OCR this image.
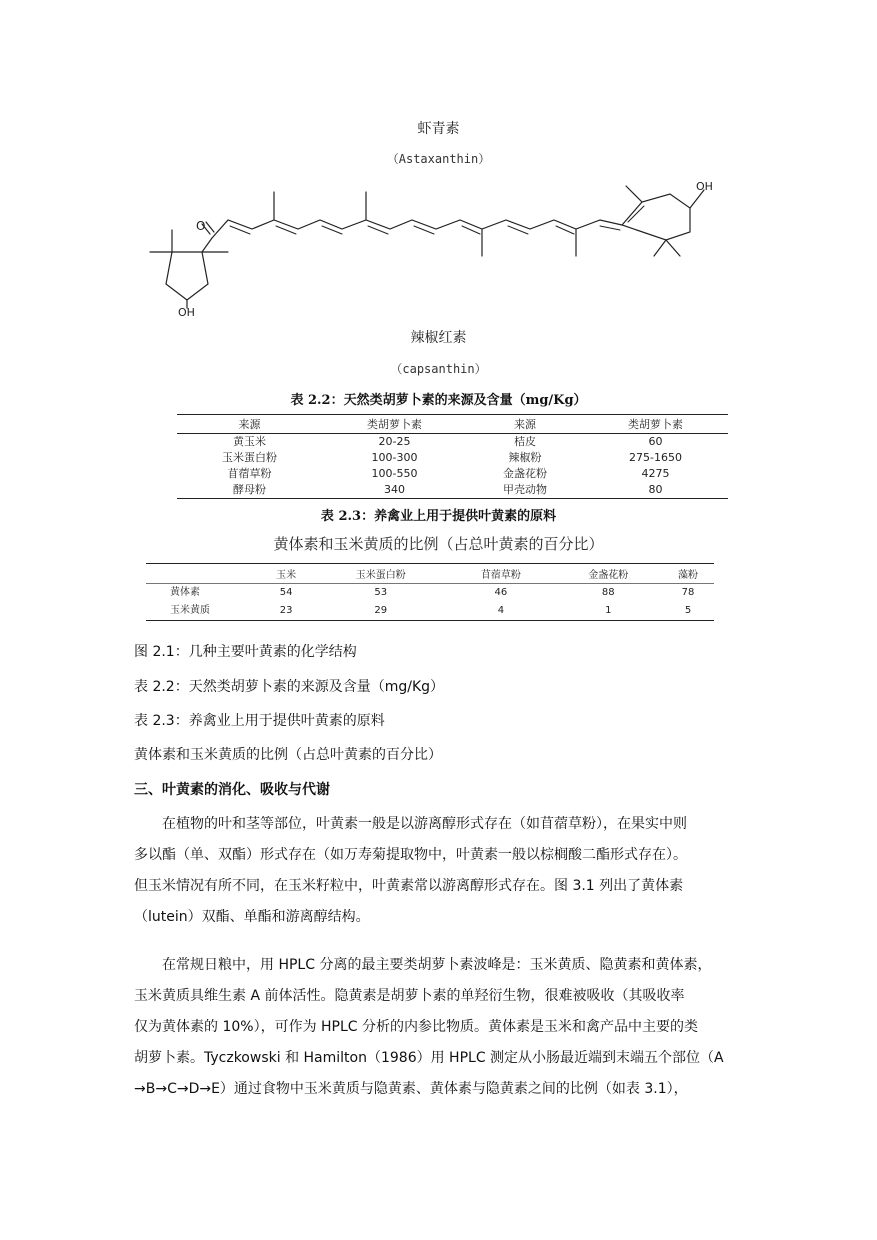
虾青素
（Astaxanthin）
O
OH
OH
辣椒红素
（capsanthin）
表 2.2：天然类胡萝卜素的来源及含量（mg/Kg）
来源	类胡萝卜素	来源	类胡萝卜素
黄玉米	20-25	桔皮	60
玉米蛋白粉	100-300	辣椒粉	275-1650
苜蓿草粉	100-550	金盏花粉	4275
酵母粉	340	甲壳动物	80
表 2.3：养禽业上用于提供叶黄素的原料
黄体素和玉米黄质的比例（占总叶黄素的百分比）
	玉米	玉米蛋白粉	苜蓿草粉	金盏花粉	藻粉
黄体素	54	53	46	88	78
玉米黄质	23	29	4	1	5
图 2.1：几种主要叶黄素的化学结构
表 2.2：天然类胡萝卜素的来源及含量（mg/Kg）
表 2.3：养禽业上用于提供叶黄素的原料
黄体素和玉米黄质的比例（占总叶黄素的百分比）
三、叶黄素的消化、吸收与代谢
在植物的叶和茎等部位，叶黄素一般是以游离醇形式存在（如苜蓿草粉），在果实中则
多以酯（单、双酯）形式存在（如万寿菊提取物中，叶黄素一般以棕榈酸二酯形式存在）。
但玉米情况有所不同，在玉米籽粒中，叶黄素常以游离醇形式存在。图 3.1 列出了黄体素
（lutein）双酯、单酯和游离醇结构。
在常规日粮中，用 HPLC 分离的最主要类胡萝卜素波峰是：玉米黄质、隐黄素和黄体素，
玉米黄质具维生素 A 前体活性。隐黄素是胡萝卜素的单羟衍生物，很难被吸收（其吸收率
仅为黄体素的 10%），可作为 HPLC 分析的内参比物质。黄体素是玉米和禽产品中主要的类
胡萝卜素。Tyczkowski 和 Hamilton（1986）用 HPLC 测定从小肠最近端到末端五个部位（A
→B→C→D→E）通过食物中玉米黄质与隐黄素、黄体素与隐黄素之间的比例（如表 3.1），
